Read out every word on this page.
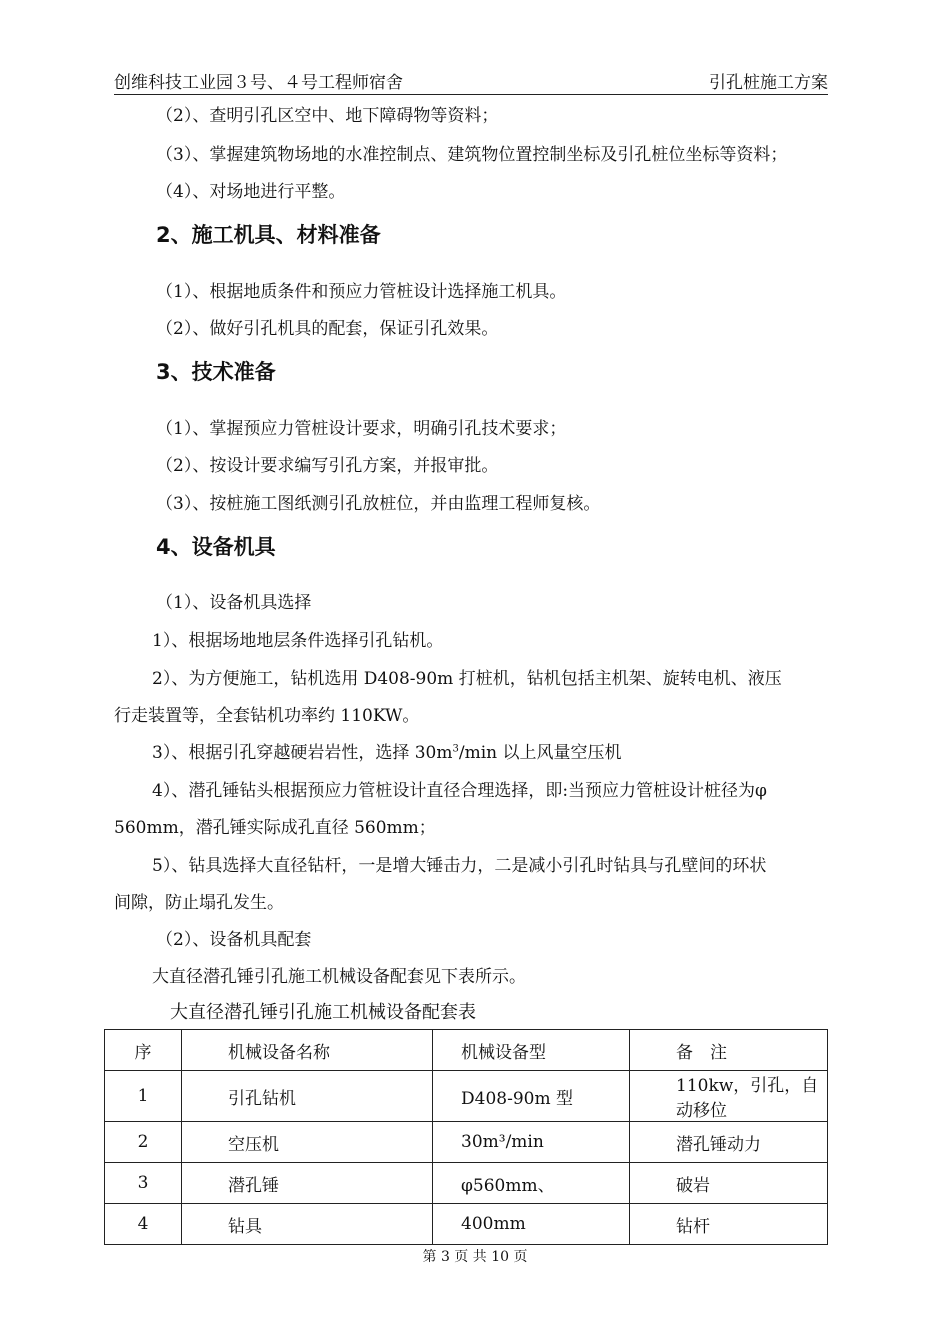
创维科技工业园３号、４号工程师宿舍	引孔桩施工方案
（2）、查明引孔区空中、地下障碍物等资料；
（3）、掌握建筑物场地的水准控制点、建筑物位置控制坐标及引孔桩位坐标等资料；
（4）、对场地进行平整。
2、施工机具、材料准备
（1）、根据地质条件和预应力管桩设计选择施工机具。
（2）、做好引孔机具的配套，保证引孔效果。
3、技术准备
（1）、掌握预应力管桩设计要求，明确引孔技术要求；
（2）、按设计要求编写引孔方案，并报审批。
（3）、按桩施工图纸测引孔放桩位，并由监理工程师复核。
4、设备机具
（1）、设备机具选择
1）、根据场地地层条件选择引孔钻机。
2）、为方便施工，钻机选用 D408-90m 打桩机，钻机包括主机架、旋转电机、液压
行走装置等，全套钻机功率约 110KW。
3）、根据引孔穿越硬岩岩性，选择 $30m^3/\min$ 以上风量空压机
4）、潜孔锤钻头根据预应力管桩设计直径合理选择，即:当预应力管桩设计桩径为φ
560mm，潜孔锤实际成孔直径 560mm；
5）、钻具选择大直径钻杆，一是增大锤击力，二是减小引孔时钻具与孔壁间的环状
间隙，防止塌孔发生。
（2）、设备机具配套
大直径潜孔锤引孔施工机械设备配套见下表所示。
大直径潜孔锤引孔施工机械设备配套表
序	机械设备名称	机械设备型	备　注
1	引孔钻机	D408-90m 型	110kw，引孔，自动移位
2	空压机	30m³/min	潜孔锤动力
3	潜孔锤	φ560mm、	破岩
4	钻具	400mm	钻杆
第 3 页 共 10 页
